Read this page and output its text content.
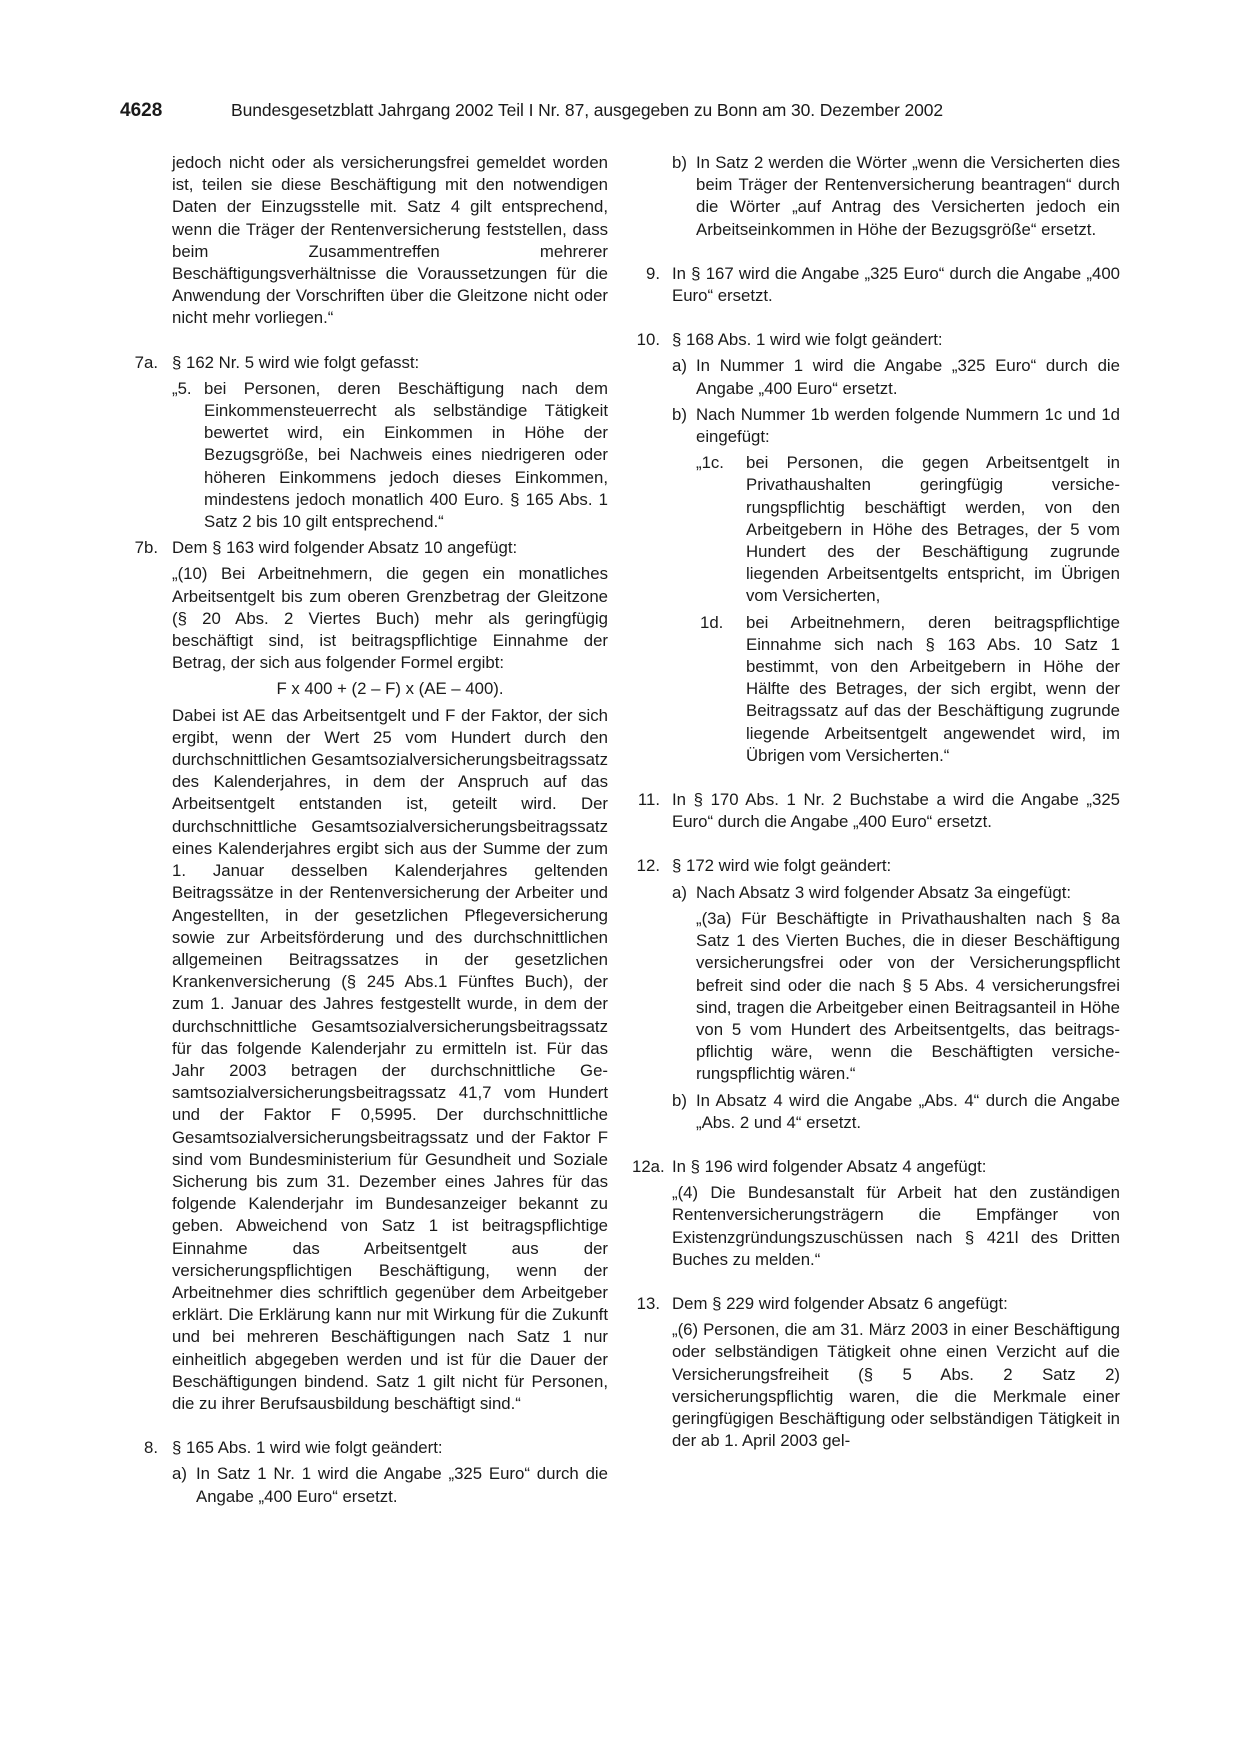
4628	Bundesgesetzblatt Jahrgang 2002 Teil I Nr. 87, ausgegeben zu Bonn am 30. Dezember 2002

jedoch nicht oder als versicherungsfrei gemeldet worden ist, teilen sie diese Beschäftigung mit den notwendigen Daten der Einzugsstelle mit. Satz 4 gilt entsprechend, wenn die Träger der Rentenversicherung feststellen, dass beim Zusammentreffen mehrerer Beschäftigungsverhältnisse die Voraussetzungen für die Anwendung der Vorschriften über die Gleitzone nicht oder nicht mehr vorliegen.“

7a. § 162 Nr. 5 wird wie folgt gefasst:

„5. bei Personen, deren Beschäftigung nach dem Einkommensteuerrecht als selbständige Tätigkeit bewertet wird, ein Einkommen in Höhe der Bezugsgröße, bei Nachweis eines niedrigeren oder höheren Einkommens jedoch dieses Einkommen, mindestens jedoch monatlich 400 Euro. § 165 Abs. 1 Satz 2 bis 10 gilt entsprechend.“

7b. Dem § 163 wird folgender Absatz 10 angefügt:

„(10) Bei Arbeitnehmern, die gegen ein monatliches Arbeitsentgelt bis zum oberen Grenzbetrag der Gleitzone (§ 20 Abs. 2 Viertes Buch) mehr als geringfügig beschäftigt sind, ist beitragspflichtige Einnahme der Betrag, der sich aus folgender Formel ergibt:

F x 400 + (2 – F) x (AE – 400).

Dabei ist AE das Arbeitsentgelt und F der Faktor, der sich ergibt, wenn der Wert 25 vom Hundert durch den durchschnittlichen Gesamtsozialversicherungsbeitragssatz des Kalenderjahres, in dem der Anspruch auf das Arbeitsentgelt entstanden ist, geteilt wird. Der durchschnittliche Gesamtsozialversicherungsbeitragssatz eines Kalenderjahres ergibt sich aus der Summe der zum 1. Januar desselben Kalenderjahres geltenden Beitragssätze in der Rentenversicherung der Arbeiter und Angestellten, in der gesetzlichen Pflegeversicherung sowie zur Arbeitsförderung und des durchschnittlichen allgemeinen Beitragssatzes in der gesetzlichen Krankenversicherung (§ 245 Abs.1 Fünftes Buch), der zum 1. Januar des Jahres festgestellt wurde, in dem der durchschnittliche Gesamtsozialversicherungsbeitragssatz für das folgende Kalenderjahr zu ermitteln ist. Für das Jahr 2003 betragen der durchschnittliche Gesamtsozialversicherungsbeitragssatz 41,7 vom Hundert und der Faktor F 0,5995. Der durchschnittliche Gesamtsozialversicherungsbeitragssatz und der Faktor F sind vom Bundesministerium für Gesundheit und Soziale Sicherung bis zum 31. Dezember eines Jahres für das folgende Kalenderjahr im Bundesanzeiger bekannt zu geben. Abweichend von Satz 1 ist beitragspflichtige Einnahme das Arbeitsentgelt aus der versicherungspflichtigen Beschäftigung, wenn der Arbeitnehmer dies schriftlich gegenüber dem Arbeitgeber erklärt. Die Erklärung kann nur mit Wirkung für die Zukunft und bei mehreren Beschäftigungen nach Satz 1 nur einheitlich abgegeben werden und ist für die Dauer der Beschäftigungen bindend. Satz 1 gilt nicht für Personen, die zu ihrer Berufsausbildung beschäftigt sind.“

8. § 165 Abs. 1 wird wie folgt geändert:

a) In Satz 1 Nr. 1 wird die Angabe „325 Euro“ durch die Angabe „400 Euro“ ersetzt.

b) In Satz 2 werden die Wörter „wenn die Versicherten dies beim Träger der Rentenversicherung beantragen“ durch die Wörter „auf Antrag des Versicherten jedoch ein Arbeitseinkommen in Höhe der Bezugsgröße“ ersetzt.

9. In § 167 wird die Angabe „325 Euro“ durch die Angabe „400 Euro“ ersetzt.

10. § 168 Abs. 1 wird wie folgt geändert:

a) In Nummer 1 wird die Angabe „325 Euro“ durch die Angabe „400 Euro“ ersetzt.

b) Nach Nummer 1b werden folgende Nummern 1c und 1d eingefügt:

„1c.	bei Personen, die gegen Arbeitsentgelt in Privathaushalten geringfügig versicherungspflichtig beschäftigt werden, von den Arbeitgebern in Höhe des Betrages, der 5 vom Hundert des der Beschäftigung zugrunde liegenden Arbeitsentgelts entspricht, im Übrigen vom Versicherten,

1d.	bei Arbeitnehmern, deren beitragspflichtige Einnahme sich nach § 163 Abs. 10 Satz 1 bestimmt, von den Arbeitgebern in Höhe der Hälfte des Betrages, der sich ergibt, wenn der Beitragssatz auf das der Beschäftigung zugrunde liegende Arbeitsentgelt angewendet wird, im Übrigen vom Versicherten.“

11. In § 170 Abs. 1 Nr. 2 Buchstabe a wird die Angabe „325 Euro“ durch die Angabe „400 Euro“ ersetzt.

12. § 172 wird wie folgt geändert:

a) Nach Absatz 3 wird folgender Absatz 3a eingefügt:

„(3a) Für Beschäftigte in Privathaushalten nach § 8a Satz 1 des Vierten Buches, die in dieser Beschäftigung versicherungsfrei oder von der Versicherungspflicht befreit sind oder die nach § 5 Abs. 4 versicherungsfrei sind, tragen die Arbeitgeber einen Beitragsanteil in Höhe von 5 vom Hundert des Arbeitsentgelts, das beitragspflichtig wäre, wenn die Beschäftigten versicherungspflichtig wären.“

b) In Absatz 4 wird die Angabe „Abs. 4“ durch die Angabe „Abs. 2 und 4“ ersetzt.

12a. In § 196 wird folgender Absatz 4 angefügt:

„(4) Die Bundesanstalt für Arbeit hat den zuständigen Rentenversicherungsträgern die Empfänger von Existenzgründungszuschüssen nach § 421l des Dritten Buches zu melden.“

13. Dem § 229 wird folgender Absatz 6 angefügt:

„(6) Personen, die am 31. März 2003 in einer Beschäftigung oder selbständigen Tätigkeit ohne einen Verzicht auf die Versicherungsfreiheit (§ 5 Abs. 2 Satz 2) versicherungspflichtig waren, die die Merkmale einer geringfügigen Beschäftigung oder selbständigen Tätigkeit in der ab 1. April 2003 gel-
